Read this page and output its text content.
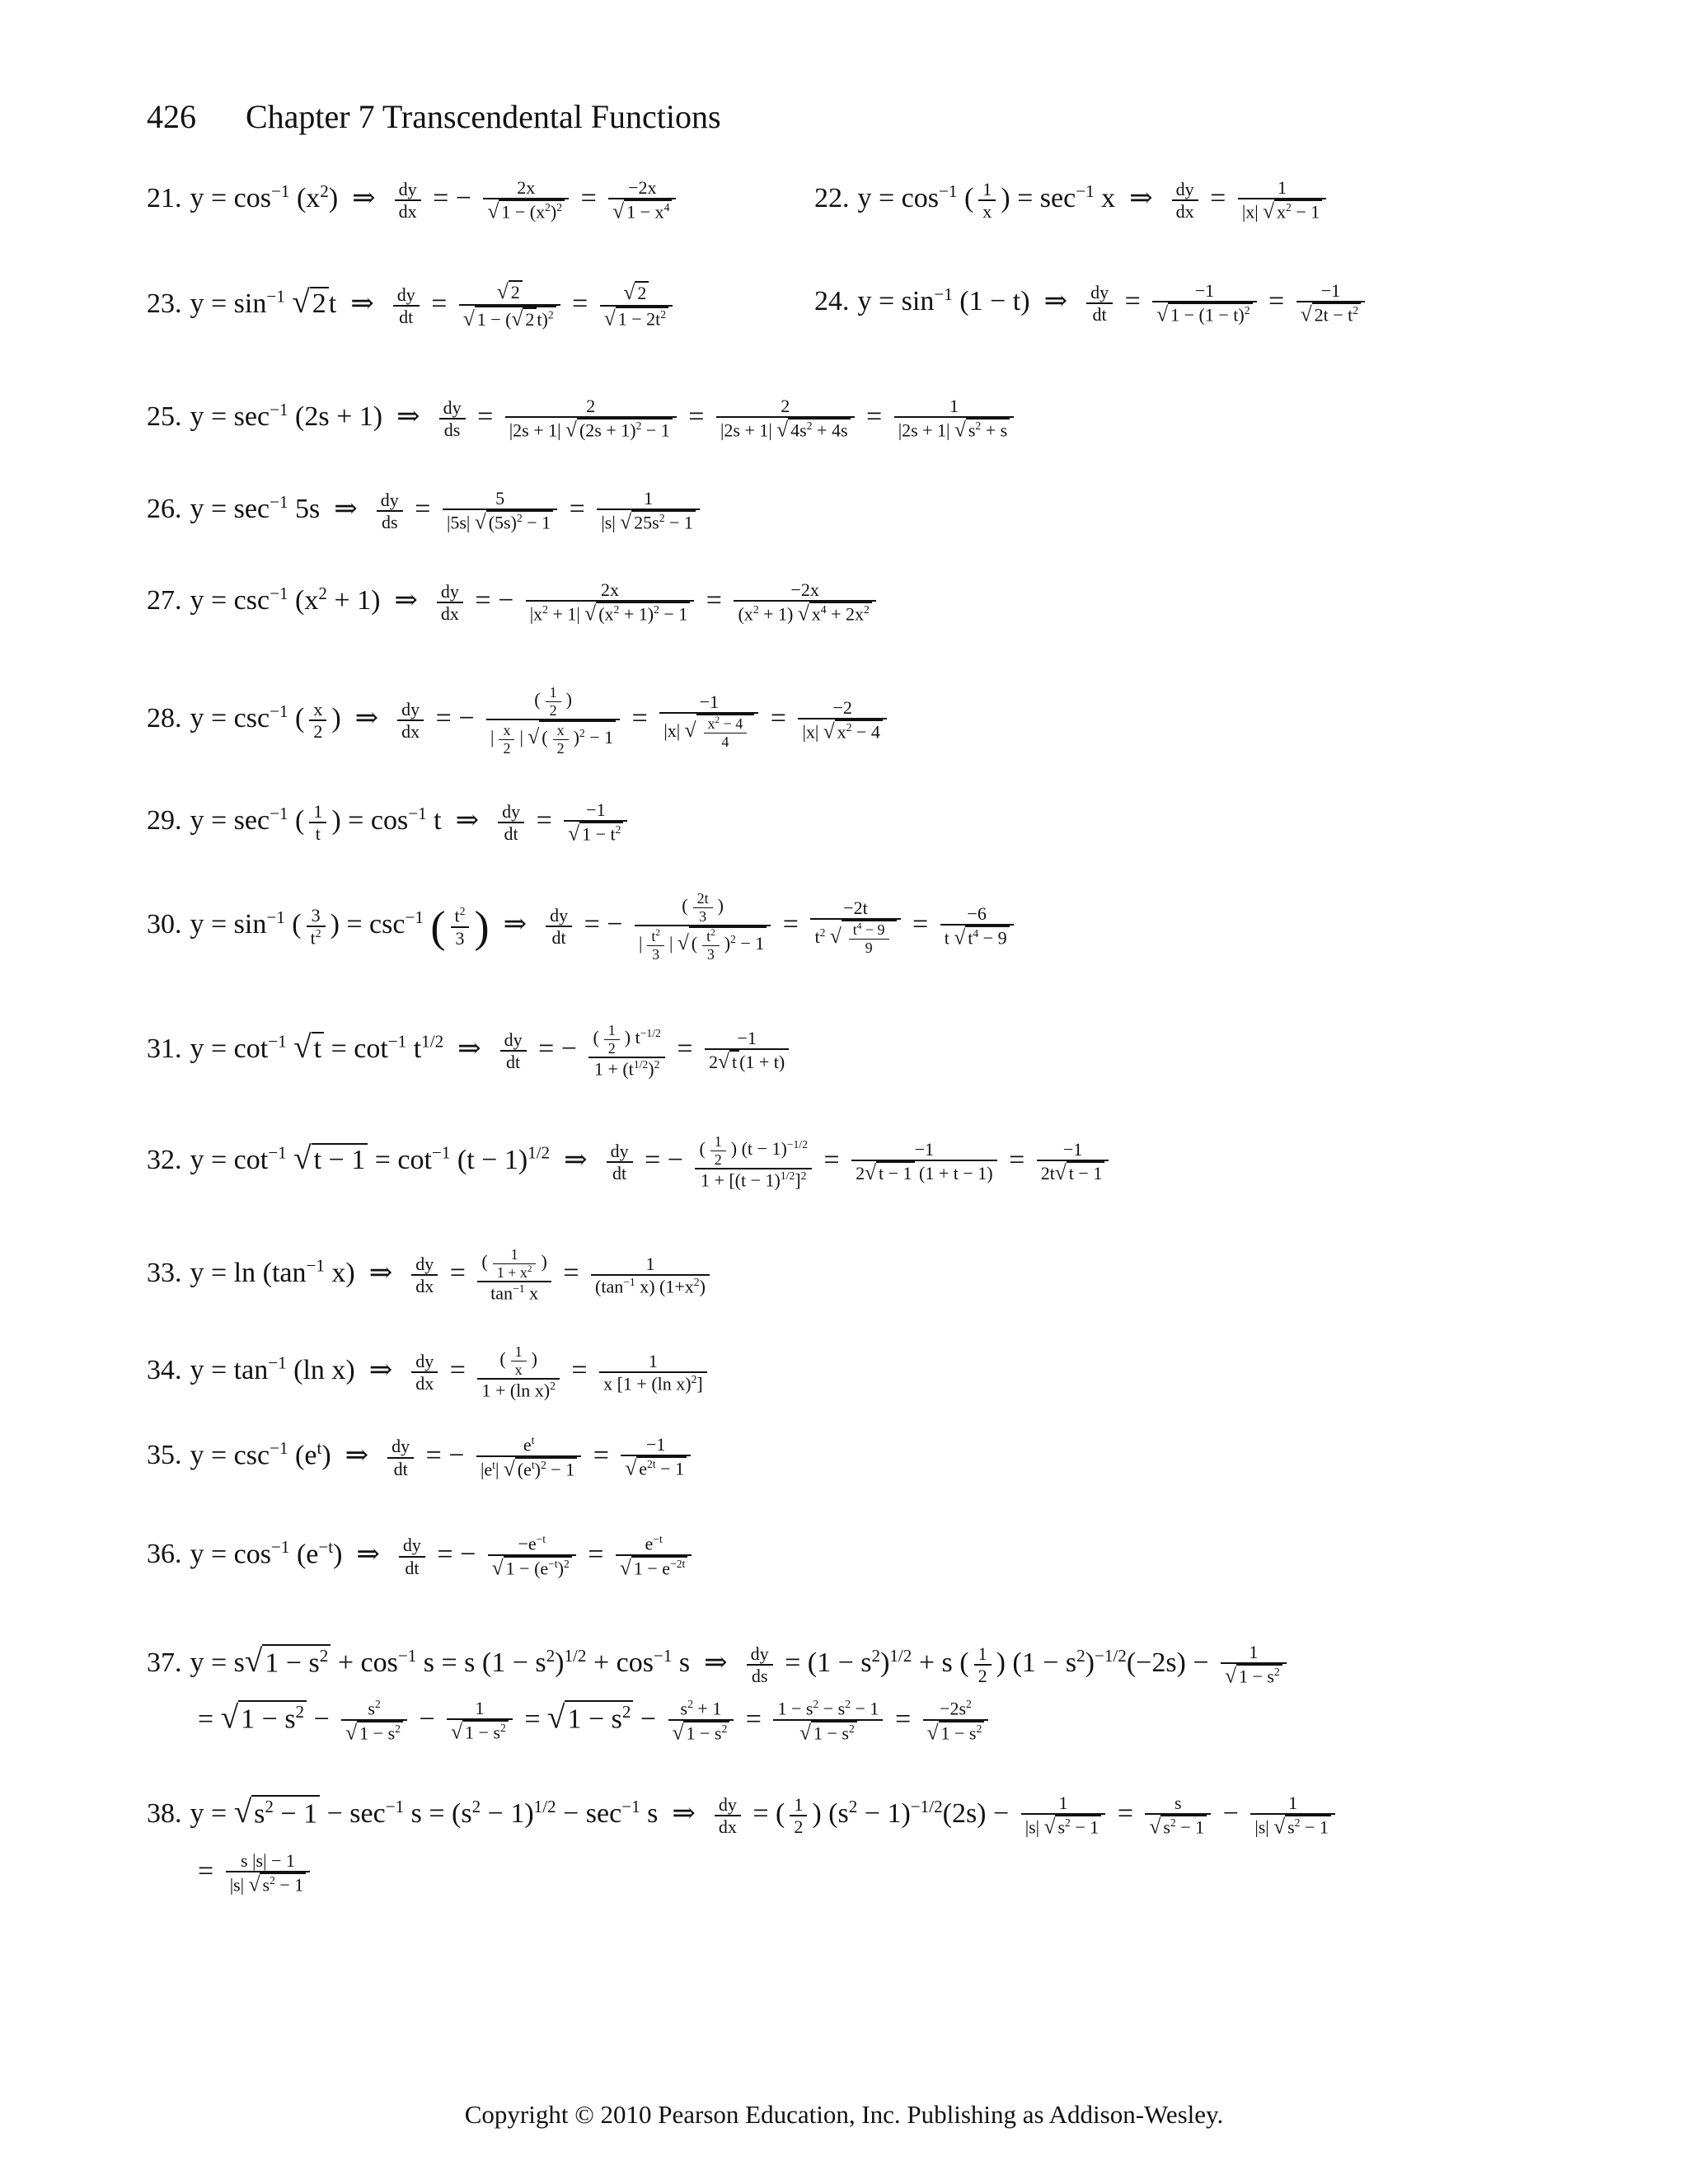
426 Chapter 7 Transcendental Functions
21. $y = \cos^{-1} (x^2)$  ⇒ $\frac{dy}{dx}$ = − $\frac{2x}{√ 1 - (x^2)^2} = \frac{-2x}{√ 1 - x^4}$	22. $y = \cos^{-1}$ ( $\frac{1}{x}$ ) = $\sec^{-1} x$  ⇒ $\frac{dy}{dx} = \frac{1}{|x| √ x^2 - 1}$
23. $y = \sin^{-1} √2t$  ⇒ $\frac{dy}{dt} = \frac{√ 2}{√ 1 - (√ 2 t)^2} = \frac{√ 2}{√ 1 - 2t^2}$	24. $y = \sin^{-1} (1 - t)$  ⇒ $\frac{dy}{dt} = \frac{-1}{√ 1 - (1 - t)^2} = \frac{-1}{√ 2t - t^2}$
25. $y = \sec^{-1} (2s + 1)$  ⇒ $\frac{dy}{ds} = \frac{2}{|2s + 1| √ (2s + 1)^2 - 1} = \frac{2}{|2s + 1| √ 4s^2 + 4s} = \frac{1}{|2s + 1| √ s^2 + s}$
26. $y = \sec^{-1} 5s$  ⇒ $\frac{dy}{ds} = \frac{5}{|5s| √ (5s)^2 - 1} = \frac{1}{|s| √ 25s^2 - 1}$
27. $y = \csc^{-1} (x^2 + 1)$  ⇒ $\frac{dy}{dx}$ = − $\frac{2x}{|x^2 + 1| √ (x^2 + 1)^2 - 1} = \frac{-2x}{(x^2 + 1) √ x^4 + 2x^2}$
28. $y = \csc^{-1}$ ( $\frac{x}{2}$ )  ⇒ $\frac{dy}{dx}$ = − $\frac{( \frac{1}{2} )}{| \frac{x}{2} | √ ( \frac{x}{2} )^2 - 1} = \frac{-1}{|x| √ \frac{x^2 - 4}{4}} = \frac{-2}{|x| √ x^2 - 4}$
29. $y = \sec^{-1}$ ( $\frac{1}{t}$ ) = $\cos^{-1} t$  ⇒ $\frac{dy}{dt} = \frac{-1}{√ 1 - t^2}$
30. $y = \sin^{-1}$ ( $\frac{3}{t^2}$ ) = $\csc^{-1}$ ( $\frac{t^2}{3}$ )  ⇒ $\frac{dy}{dt}$ = − $\frac{( \frac{2t}{3} )}{| \frac{t^2}{3} | √ ( \frac{t^2}{3} )^2 - 1} = \frac{-2t}{t^2 √ \frac{t^4 - 9}{9}} = \frac{-6}{t √ t^4 - 9}$
31. $y = \cot^{-1} √t = \cot^{-1} t^{1/2}$  ⇒ $\frac{dy}{dt}$ = − $\frac{( \frac{1}{2} ) t^{-1/2}}{1 + (t^{1/2})^2} = \frac{-1}{2√ t (1 + t)}$
32. $y = \cot^{-1} √t - 1 = \cot^{-1} (t - 1)^{1/2}$  ⇒ $\frac{dy}{dt}$ = − $\frac{( \frac{1}{2} ) (t - 1)^{-1/2}}{1 + [(t - 1)^{1/2}]^2} = \frac{-1}{2√ t - 1 (1 + t - 1)} = \frac{-1}{2t√ t - 1}$
33. $y = \ln (\tan^{-1}$ x)  ⇒ $\frac{dy}{dx} = \frac{( \frac{1}{1 + x^2} )}{\tan^{-1} x} = \frac{1}{(\tan^{-1} x) (1+x^2)}$
34. $y = \tan^{-1} (\ln$ x)  ⇒ $\frac{dy}{dx} = \frac{( \frac{1}{x} )}{1 + (\ln x)^2} = \frac{1}{x [1 + (\ln x)^2]}$
35. $y = \csc^{-1} (e^t)$  ⇒ $\frac{dy}{dt}$ = − $\frac{e^t}{|e^t| √ (e^t)^2 - 1} = \frac{-1}{√ e^{2t} - 1}$
36. $y = \cos^{-1} (e^{-t})$  ⇒ $\frac{dy}{dt}$ = − $\frac{-e^{-t}}{√ 1 - (e^{-t})^2} = \frac{e^{-t}}{√ 1 - e^{-2t}}$
37. $y = s√1 - s^2 + \cos^{-1} s = s$ $(1 - s^2)^{1/2} + \cos^{-1} s$  ⇒ $\frac{dy}{ds} = (1 - s^2)^{1/2} + s$ ( $\frac{1}{2}$ ) $(1 - s^2)^{-1/2}(-2s) - \frac{1}{√ 1 - s^2}$
= $√1 - s^2 - \frac{s^2}{√ 1 - s^2} - \frac{1}{√ 1 - s^2} = √1 - s^2 - \frac{s^2 + 1}{√ 1 - s^2} = \frac{1 - s^2 - s^2 - 1}{√ 1 - s^2} = \frac{-2s^2}{√ 1 - s^2}$
38. $y = √s^2 - 1 - \sec^{-1} s = (s^2 - 1)^{1/2} - \sec^{-1} s$  ⇒ $\frac{dy}{dx}$ = ( $\frac{1}{2}$ ) $(s^2 - 1)^{-1/2}(2s) - \frac{1}{|s| √ s^2 - 1} = \frac{s}{√ s^2 - 1} - \frac{1}{|s| √ s^2 - 1}$
= $\frac{s |s| - 1}{|s| √ s^2 - 1}$
Copyright © 2010 Pearson Education, Inc. Publishing as Addison-Wesley.
